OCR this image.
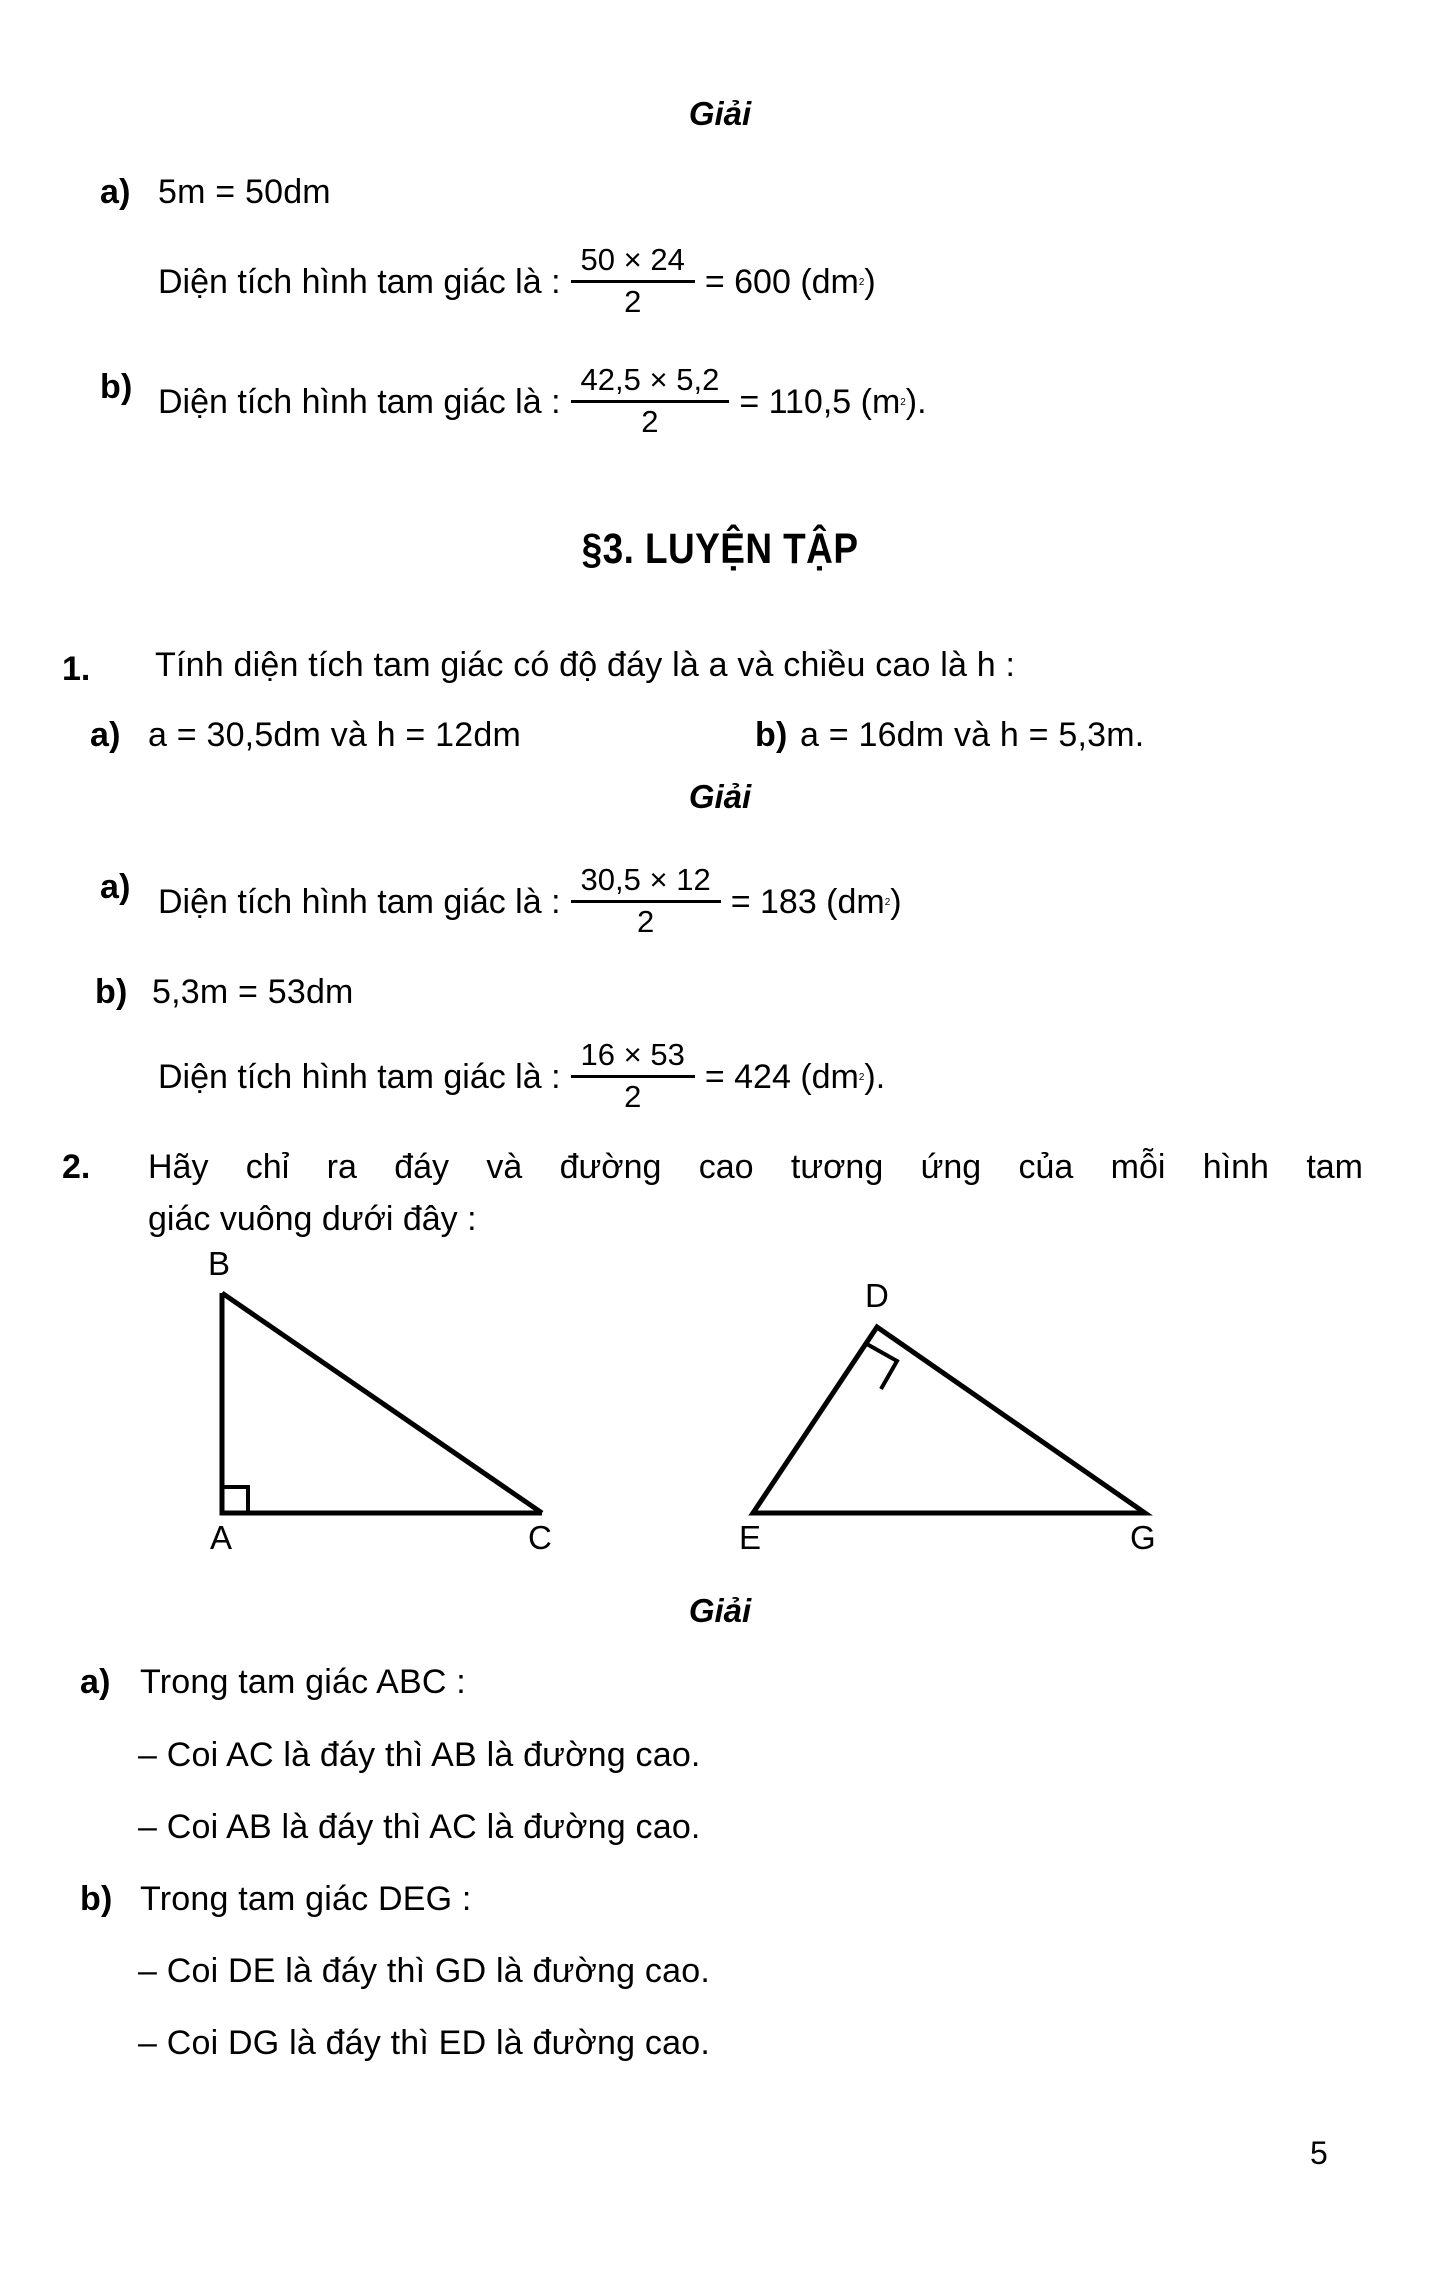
Giải
a) 5m = 50dm
Diện tích hình tam giác là : $\frac{50 \times 24}{2} = 600$ (dm 2 )
b) Diện tích hình tam giác là : $\frac{42,5 \times 5,2}{2} = 110,5$ (m 2 ).
§3. LUYỆN TẬP
1. Tính diện tích tam giác có độ đáy là a và chiều cao là h :
a) a = 30,5dm và h = 12dm	b) a = 16dm và h = 5,3m.
Giải
a) Diện tích hình tam giác là : $\frac{30,5 \times 12}{2} = 183$ (dm 2 )
b) 5,3m = 53dm
Diện tích hình tam giác là : $\frac{16 \times 53}{2} = 424$ (dm 2 ).
2. Hãy chỉ ra đáy và đường cao tương ứng của mỗi hình tam
giác vuông dưới đây :
B
A	C
D
E	G
Giải
a) Trong tam giác ABC :
– Coi AC là đáy thì AB là đường cao.
– Coi AB là đáy thì AC là đường cao.
b) Trong tam giác DEG :
– Coi DE là đáy thì GD là đường cao.
– Coi DG là đáy thì ED là đường cao.
5
